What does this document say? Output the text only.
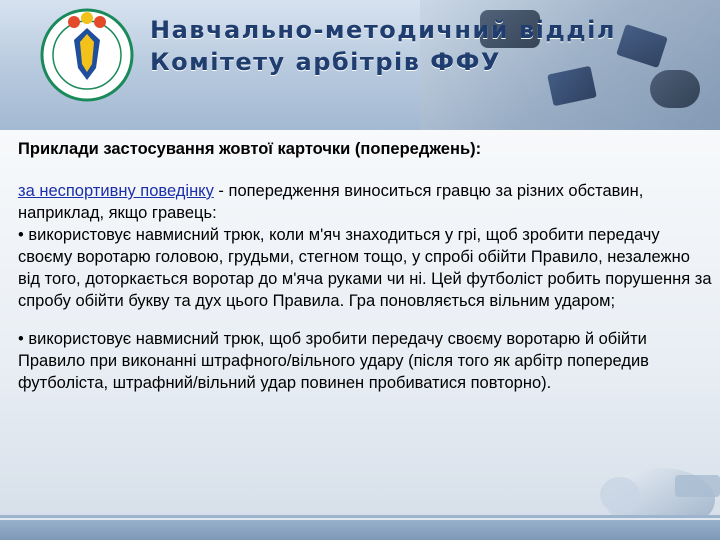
Навчально-методичний відділ
Комітету арбітрів ФФУ
Приклади застосування жовтої карточки (попереджень):

за неспортивну поведінку - попередження виноситься гравцю за різних обставин, наприклад, якщо гравець:

• використовує навмисний трюк, коли м'яч знаходиться у грі, щоб зробити передачу своєму воротарю головою, грудьми, стегном тощо, у спробі обійти Правило, незалежно від того, доторкається воротар до м'яча руками чи ні. Цей футболіст робить порушення за спробу обійти букву та дух цього Правила. Гра поновляється вільним ударом;

• використовує навмисний трюк, щоб зробити передачу своєму воротарю й обійти Правило при виконанні штрафного/вільного удару (після того як арбітр попередив футболіста, штрафний/вільний удар повинен пробиватися повторно).
